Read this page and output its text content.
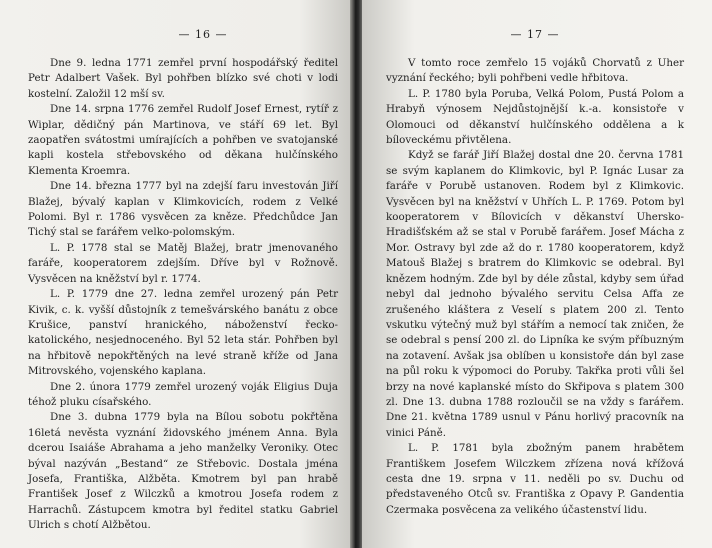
— 16 —

Dne 9. ledna 1771 zemřel první hospodářský ředitel Petr Adalbert Vašek. Byl pohřben blízko své choti v lodi kostelní. Založil 12 mší sv.

Dne 14. srpna 1776 zemřel Rudolf Josef Ernest, rytíř z Wiplar, dědičný pán Martinova, ve stáří 69 let. Byl zaopatřen svátostmi umírajících a pohřben ve svatojanské kapli kostela střebovského od děkana hulčínského Klementa Kroemra.

Dne 14. března 1777 byl na zdejší faru investován Jiří Blažej, bývalý kaplan v Klimkovicích, rodem z Velké Polomi. Byl r. 1786 vysvěcen za kněze. Předchůdce Jan Tichý stal se farářem velko-polomským.

L. P. 1778 stal se Matěj Blažej, bratr jmenovaného faráře, kooperatorem zdejším. Dříve byl v Rožnově. Vysvěcen na kněžství byl r. 1774.

L. P. 1779 dne 27. ledna zemřel urozený pán Petr Kivik, c. k. vyšší důstojník z temešvárského banátu z obce Krušice, panství hranického, náboženství řecko-katolického, nesjednoceného. Byl 52 leta stár. Pohřben byl na hřbitově nepokřtěných na levé straně kříže od Jana Mitrovského, vojenského kaplana.

Dne 2. února 1779 zemřel urozený voják Eligius Duja téhož pluku císařského.

Dne 3. dubna 1779 byla na Bílou sobotu pokřtěna 16letá nevěsta vyznání židovského jménem Anna. Byla dcerou Isaiáše Abrahama a jeho manželky Veroniky. Otec býval nazýván „Bestand“ ze Střebovic. Dostala jména Josefa, Františka, Alžběta. Kmotrem byl pan hrabě František Josef z Wilczků a kmotrou Josefa rodem z Harrachů. Zástupcem kmotra byl ředitel statku Gabriel Ulrich s chotí Alžbětou.

— 17 —

V tomto roce zemřelo 15 vojáků Chorvatů z Uher vyznání řeckého; byli pohřbeni vedle hřbitova.

L. P. 1780 byla Poruba, Velká Polom, Pustá Polom a Hrabyň výnosem Nejdůstojnější k.-a. konsistoře v Olomouci od děkanství hulčínského oddělena a k bíloveckému přivtělena.

Když se farář Jiří Blažej dostal dne 20. června 1781 se svým kaplanem do Klimkovic, byl P. Ignác Lusar za faráře v Porubě ustanoven. Rodem byl z Klimkovic. Vysvěcen byl na kněžství v Uhřích L. P. 1769. Potom byl kooperatorem v Bílovicích v děkanství Uhersko-Hradišťském až se stal v Porubě farářem. Josef Mácha z Mor. Ostravy byl zde až do r. 1780 kooperatorem, když Matouš Blažej s bratrem do Klimkovic se odebral. Byl knězem hodným. Zde byl by déle zůstal, kdyby sem úřad nebyl dal jednoho bývalého servitu Celsa Affa ze zrušeného kláštera z Veselí s platem 200 zl. Tento vskutku výtečný muž byl stářím a nemocí tak zničen, že se odebral s pensí 200 zl. do Lipníka ke svým příbuzným na zotavení. Avšak jsa oblíben u konsistoře dán byl zase na půl roku k výpomoci do Poruby. Takřka proti vůli šel brzy na nové kaplanské místo do Skřipova s platem 300 zl. Dne 13. dubna 1788 rozloučil se na vždy s farářem. Dne 21. května 1789 usnul v Pánu horlivý pracovník na vinici Páně.

L. P. 1781 byla zbožným panem hrabětem Františkem Josefem Wilczkem zřízena nová křížová cesta dne 19. srpna v 11. neděli po sv. Duchu od představeného Otců sv. Františka z Opavy P. Gandentia Czermaka posvěcena za velikého účastenství lidu.
